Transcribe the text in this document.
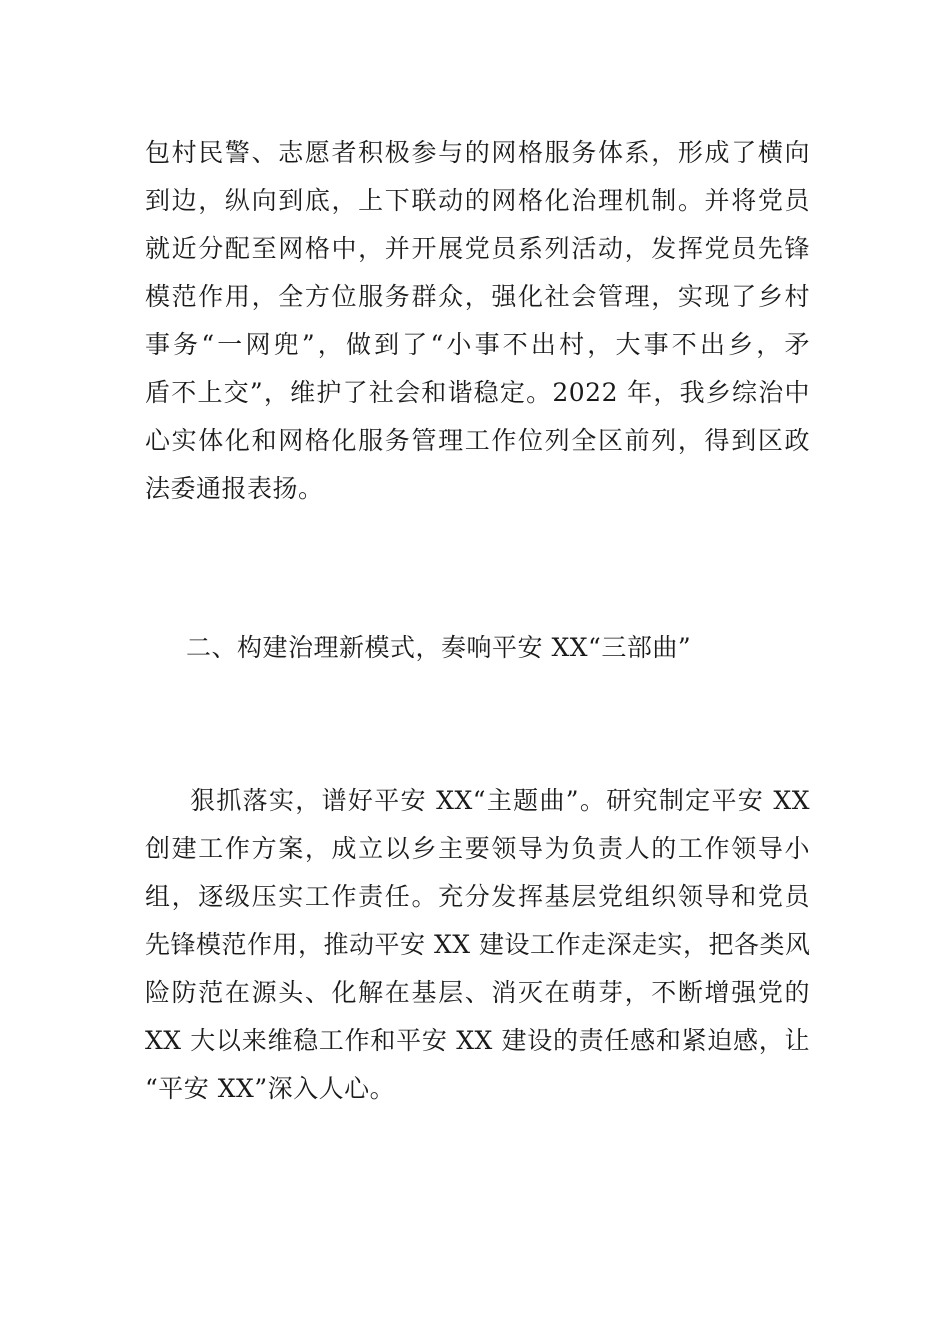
包村民警、志愿者积极参与的网格服务体系，形成了横向
到边，纵向到底，上下联动的网格化治理机制。并将党员
就近分配至网格中，并开展党员系列活动，发挥党员先锋
模范作用，全方位服务群众，强化社会管理，实现了乡村
事务“一网兜”，做到了“小事不出村，大事不出乡，矛
盾不上交”，维护了社会和谐稳定。2022 年，我乡综治中
心实体化和网格化服务管理工作位列全区前列，得到区政
法委通报表扬。
二、构建治理新模式，奏响平安 XX“三部曲”
狠抓落实，谱好平安 XX“主题曲”。研究制定平安 XX
创建工作方案，成立以乡主要领导为负责人的工作领导小
组，逐级压实工作责任。充分发挥基层党组织领导和党员
先锋模范作用，推动平安 XX 建设工作走深走实，把各类风
险防范在源头、化解在基层、消灭在萌芽，不断增强党的
XX 大以来维稳工作和平安 XX 建设的责任感和紧迫感，让
“平安 XX”深入人心。
